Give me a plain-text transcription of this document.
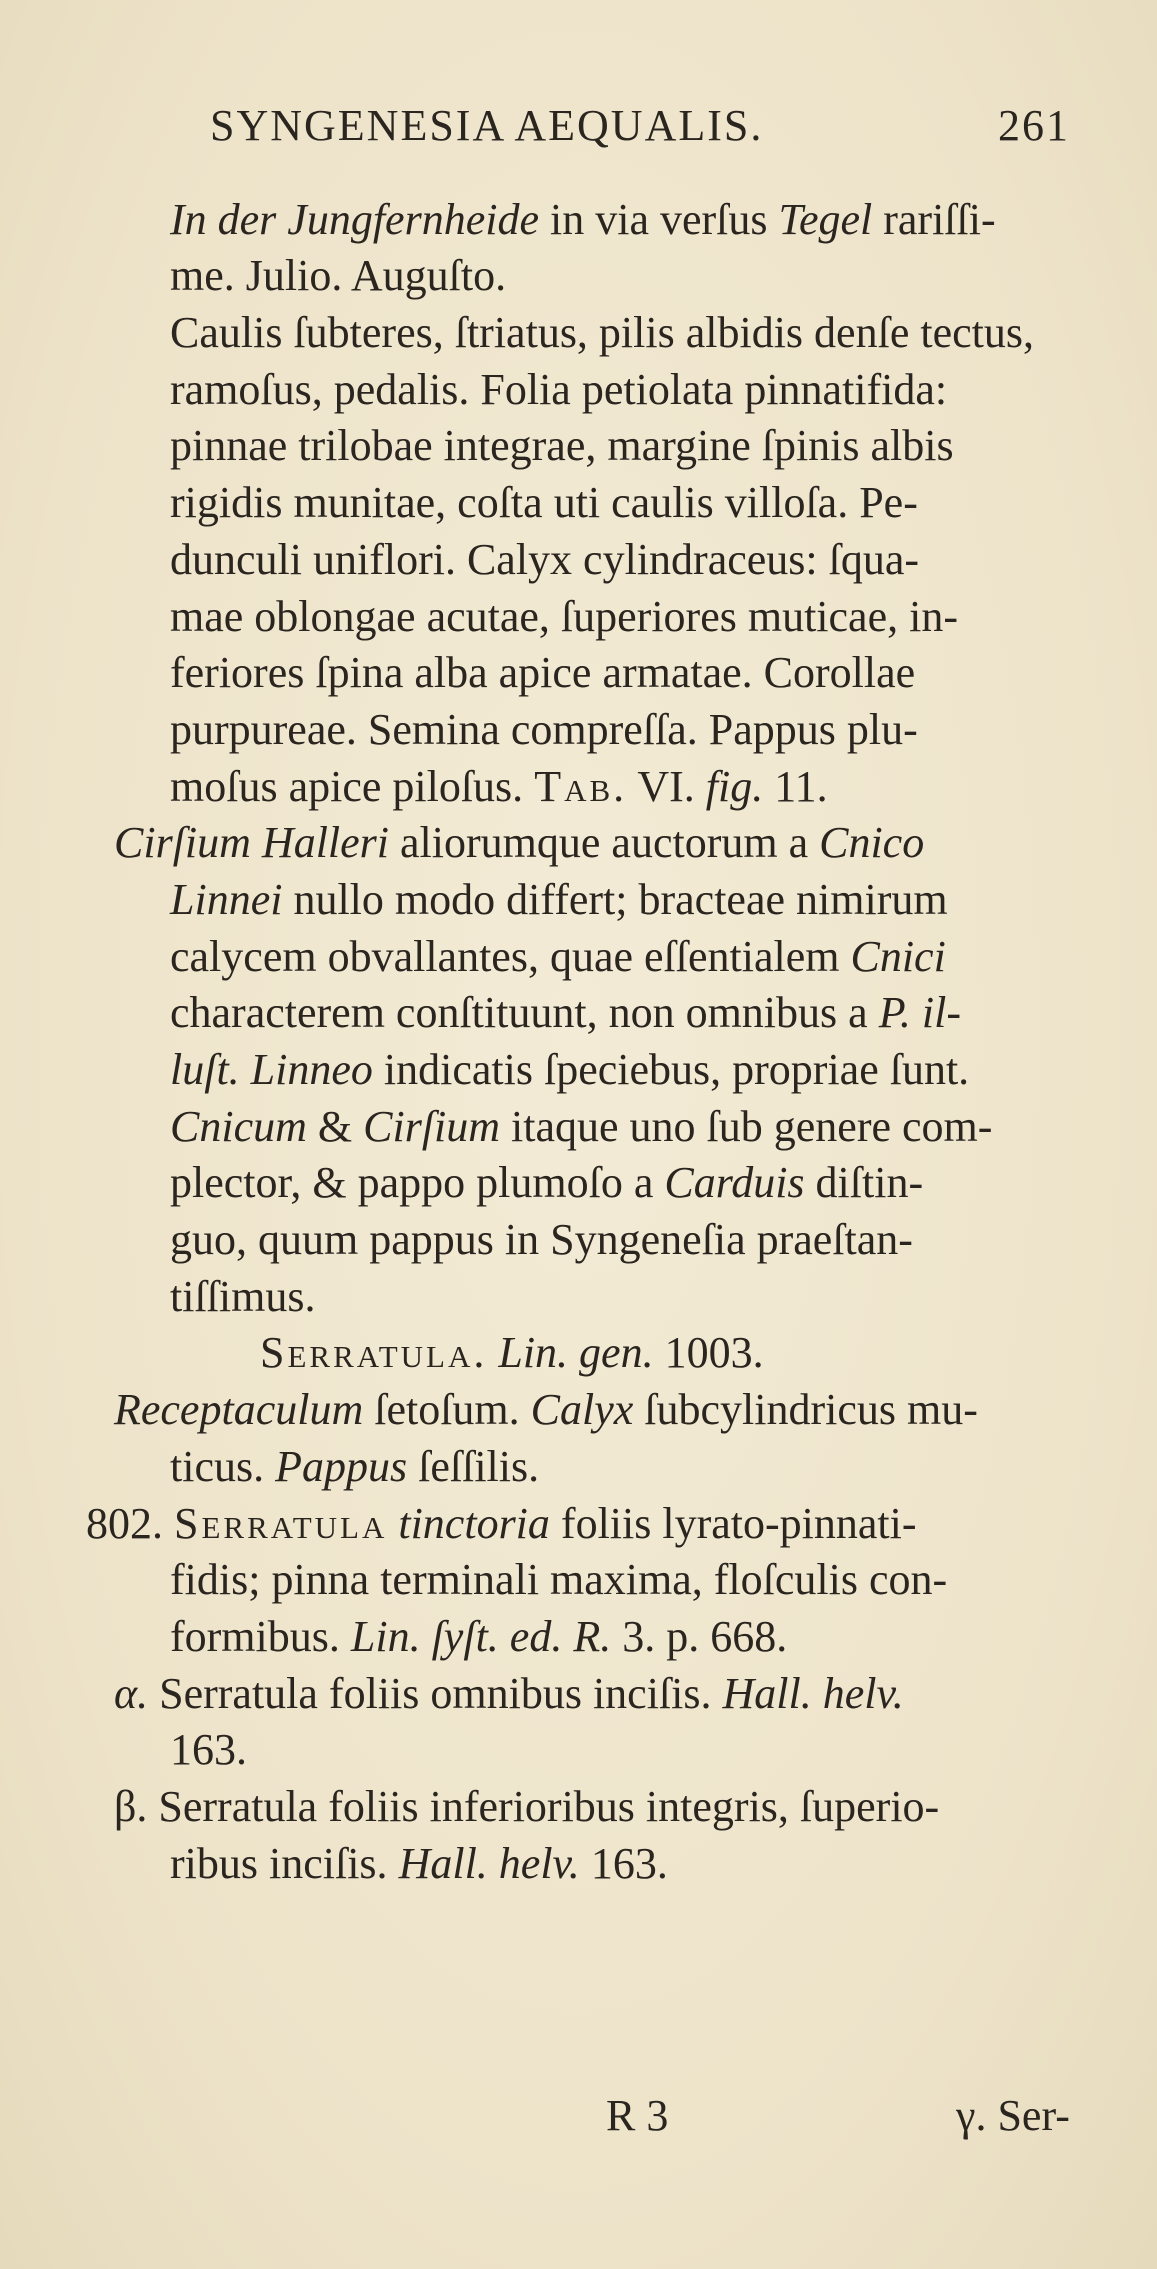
SYNGENESIA AEQUALIS.	261
In der Jungfernheide in via verſus Tegel rariſſi-
me. Julio. Auguſto.
Caulis ſubteres, ſtriatus, pilis albidis denſe tectus,
ramoſus, pedalis. Folia petiolata pinnatifida:
pinnae trilobae integrae, margine ſpinis albis
rigidis munitae, coſta uti caulis villoſa. Pe-
dunculi uniflori. Calyx cylindraceus: ſqua-
mae oblongae acutae, ſuperiores muticae, in-
feriores ſpina alba apice armatae. Corollae
purpureae. Semina compreſſa. Pappus plu-
moſus apice piloſus. Tab. VI. fig. 11.
Cirſium Halleri aliorumque auctorum a Cnico
Linnei nullo modo differt; bracteae nimirum
calycem obvallantes, quae eſſentialem Cnici
characterem conſtituunt, non omnibus a P. il-
luſt. Linneo indicatis ſpeciebus, propriae ſunt.
Cnicum & Cirſium itaque uno ſub genere com-
plector, & pappo plumoſo a Carduis diſtin-
guo, quum pappus in Syngeneſia praeſtan-
tiſſimus.
Serratula. Lin. gen. 1003.
Receptaculum ſetoſum. Calyx ſubcylindricus mu-
ticus. Pappus ſeſſilis.
802. Serratula tinctoria foliis lyrato-pinnati-
fidis; pinna terminali maxima, floſculis con-
formibus. Lin. ſyſt. ed. R. 3. p. 668.
α. Serratula foliis omnibus inciſis. Hall. helv.
163.
β. Serratula foliis inferioribus integris, ſuperio-
ribus inciſis. Hall. helv. 163.
R 3	γ. Ser-
